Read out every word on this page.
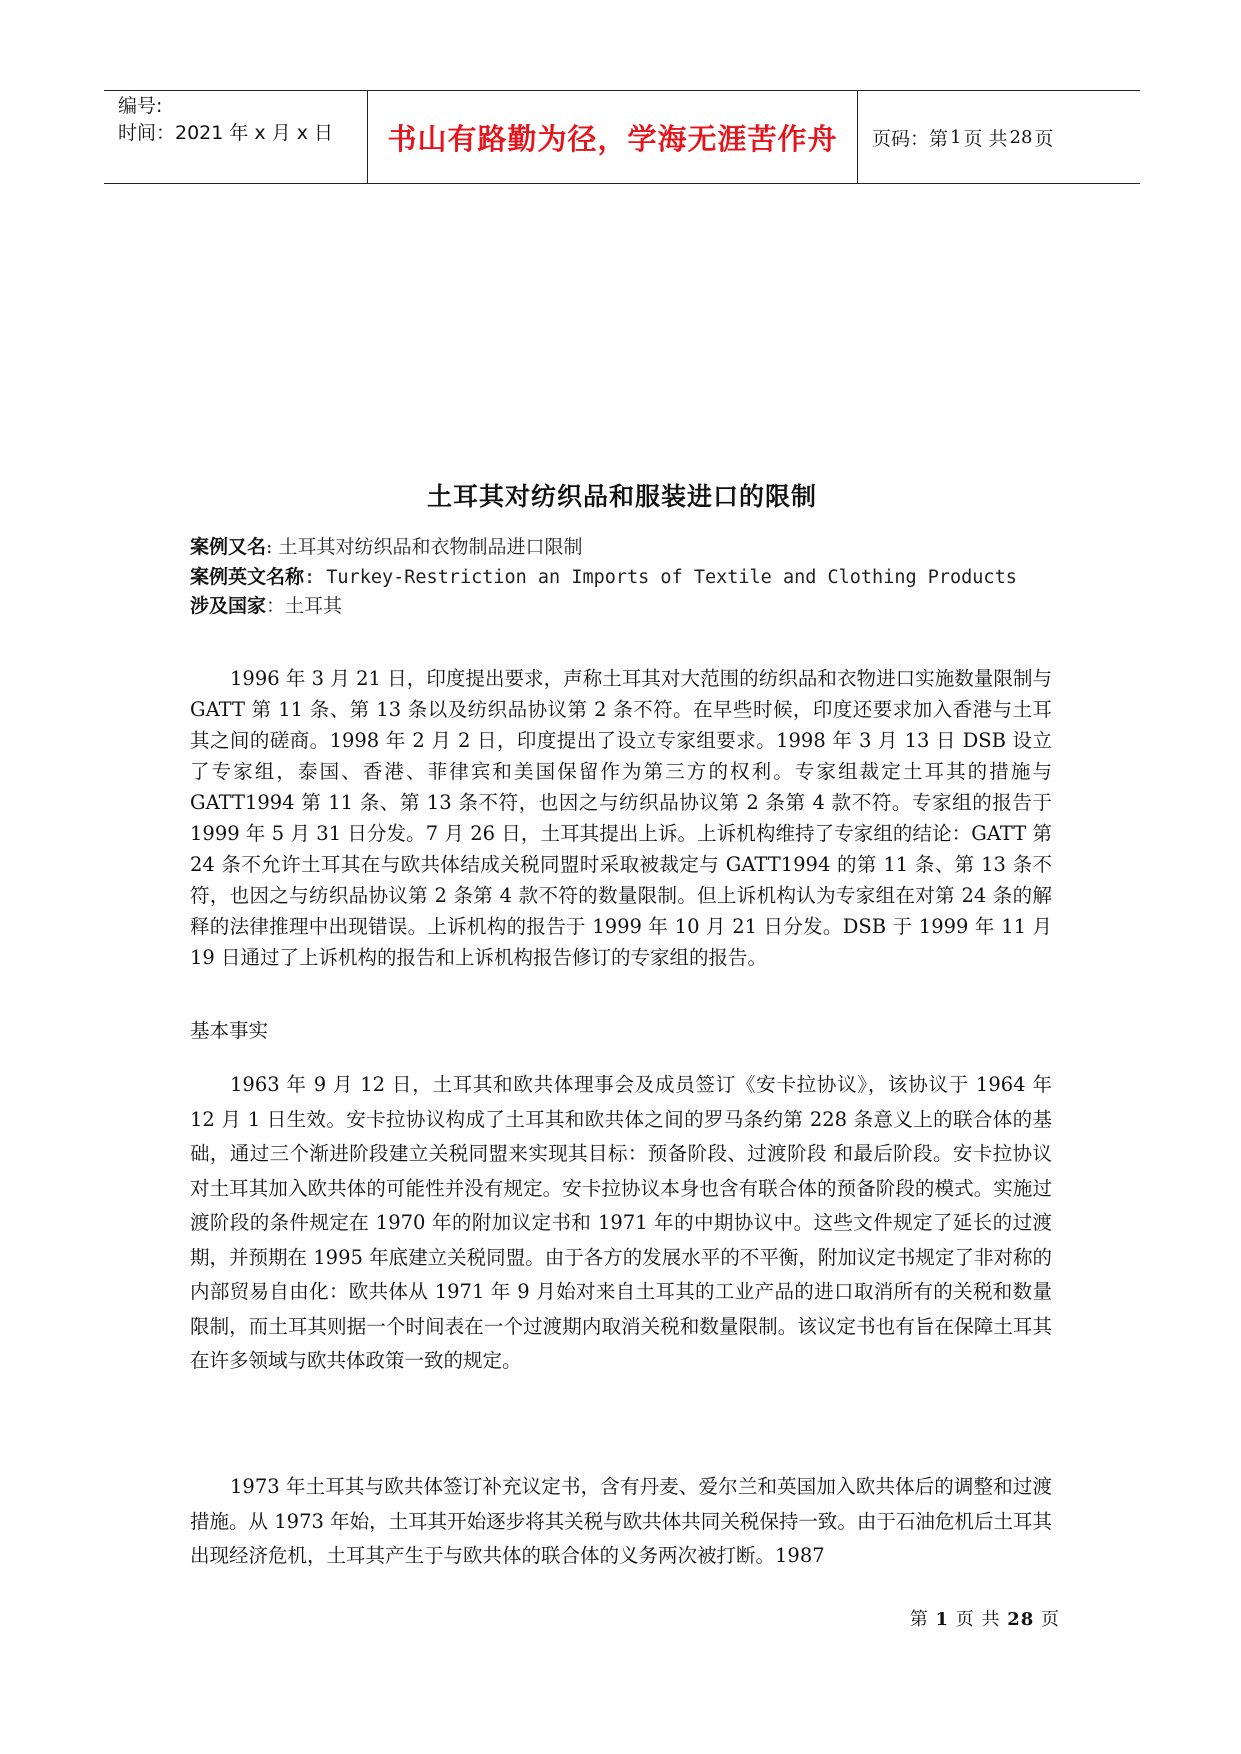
编号:
时间：2021 年 x 月 x 日	书山有路勤为径，学海无涯苦作舟	页码：第 1 页 共 28 页
土耳其对纺织品和服装进口的限制
案例又名: 土耳其对纺织品和衣物制品进口限制
案例英文名称: Turkey-Restriction an Imports of Textile and Clothing Products
涉及国家：土耳其
1996 年 3 月 21 日，印度提出要求，声称土耳其对大范围的纺织品和衣物进口实施数量限制与 GATT 第 11 条、第 13 条以及纺织品协议第 2 条不符。在早些时候，印度还要求加入香港与土耳其之间的磋商。1998 年 2 月 2 日，印度提出了设立专家组要求。1998 年 3 月 13 日 DSB 设立了专家组，泰国、香港、菲律宾和美国保留作为第三方的权利。专家组裁定土耳其的措施与 GATT1994 第 11 条、第 13 条不符，也因之与纺织品协议第 2 条第 4 款不符。专家组的报告于 1999 年 5 月 31 日分发。7 月 26 日，土耳其提出上诉。上诉机构维持了专家组的结论：GATT 第 24 条不允许土耳其在与欧共体结成关税同盟时采取被裁定与 GATT1994 的第 11 条、第 13 条不符，也因之与纺织品协议第 2 条第 4 款不符的数量限制。但上诉机构认为专家组在对第 24 条的解释的法律推理中出现错误。上诉机构的报告于 1999 年 10 月 21 日分发。DSB 于 1999 年 11 月 19 日通过了上诉机构的报告和上诉机构报告修订的专家组的报告。
基本事实
1963 年 9 月 12 日，土耳其和欧共体理事会及成员签订《安卡拉协议》，该协议于 1964 年 12 月 1 日生效。安卡拉协议构成了土耳其和欧共体之间的罗马条约第 228 条意义上的联合体的基础，通过三个渐进阶段建立关税同盟来实现其目标：预备阶段、过渡阶段 和最后阶段。安卡拉协议对土耳其加入欧共体的可能性并没有规定。安卡拉协议本身也含有联合体的预备阶段的模式。实施过渡阶段的条件规定在 1970 年的附加议定书和 1971 年的中期协议中。这些文件规定了延长的过渡期，并预期在 1995 年底建立关税同盟。由于各方的发展水平的不平衡，附加议定书规定了非对称的内部贸易自由化：欧共体从 1971 年 9 月始对来自土耳其的工业产品的进口取消所有的关税和数量限制，而土耳其则据一个时间表在一个过渡期内取消关税和数量限制。该议定书也有旨在保障土耳其在许多领域与欧共体政策一致的规定。
1973 年土耳其与欧共体签订补充议定书，含有丹麦、爱尔兰和英国加入欧共体后的调整和过渡措施。从 1973 年始，土耳其开始逐步将其关税与欧共体共同关税保持一致。由于石油危机后土耳其出现经济危机，土耳其产生于与欧共体的联合体的义务两次被打断。1987
第 1 页 共 28 页
